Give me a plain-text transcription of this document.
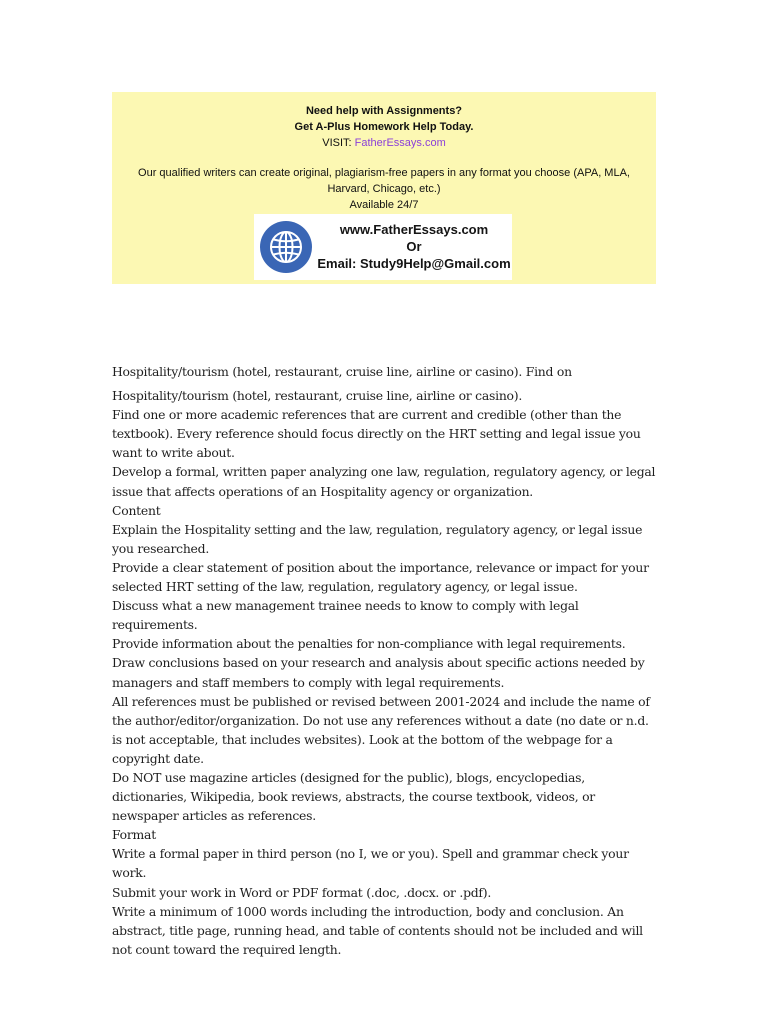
Need help with Assignments?
Get A-Plus Homework Help Today.
VISIT: FatherEssays.com
Our qualified writers can create original, plagiarism-free papers in any format you choose (APA, MLA, Harvard, Chicago, etc.)
Available 24/7
www.FatherEssays.com
Or
Email: Study9Help@Gmail.com

Hospitality/tourism (hotel, restaurant, cruise line, airline or casino). Find on

Hospitality/tourism (hotel, restaurant, cruise line, airline or casino).

Find one or more academic references that are current and credible (other than the textbook). Every reference should focus directly on the HRT setting and legal issue you want to write about.

Develop a formal, written paper analyzing one law, regulation, regulatory agency, or legal issue that affects operations of an Hospitality agency or organization.

Content

Explain the Hospitality setting and the law, regulation, regulatory agency, or legal issue you researched.

Provide a clear statement of position about the importance, relevance or impact for your selected HRT setting of the law, regulation, regulatory agency, or legal issue.

Discuss what a new management trainee needs to know to comply with legal requirements.

Provide information about the penalties for non-compliance with legal requirements.

Draw conclusions based on your research and analysis about specific actions needed by managers and staff members to comply with legal requirements.

All references must be published or revised between 2001-2024 and include the name of the author/editor/organization. Do not use any references without a date (no date or n.d. is not acceptable, that includes websites). Look at the bottom of the webpage for a copyright date.

Do NOT use magazine articles (designed for the public), blogs, encyclopedias, dictionaries, Wikipedia, book reviews, abstracts, the course textbook, videos, or newspaper articles as references.

Format

Write a formal paper in third person (no I, we or you). Spell and grammar check your work.

Submit your work in Word or PDF format (.doc, .docx. or .pdf).

Write a minimum of 1000 words including the introduction, body and conclusion. An abstract, title page, running head, and table of contents should not be included and will not count toward the required length.
